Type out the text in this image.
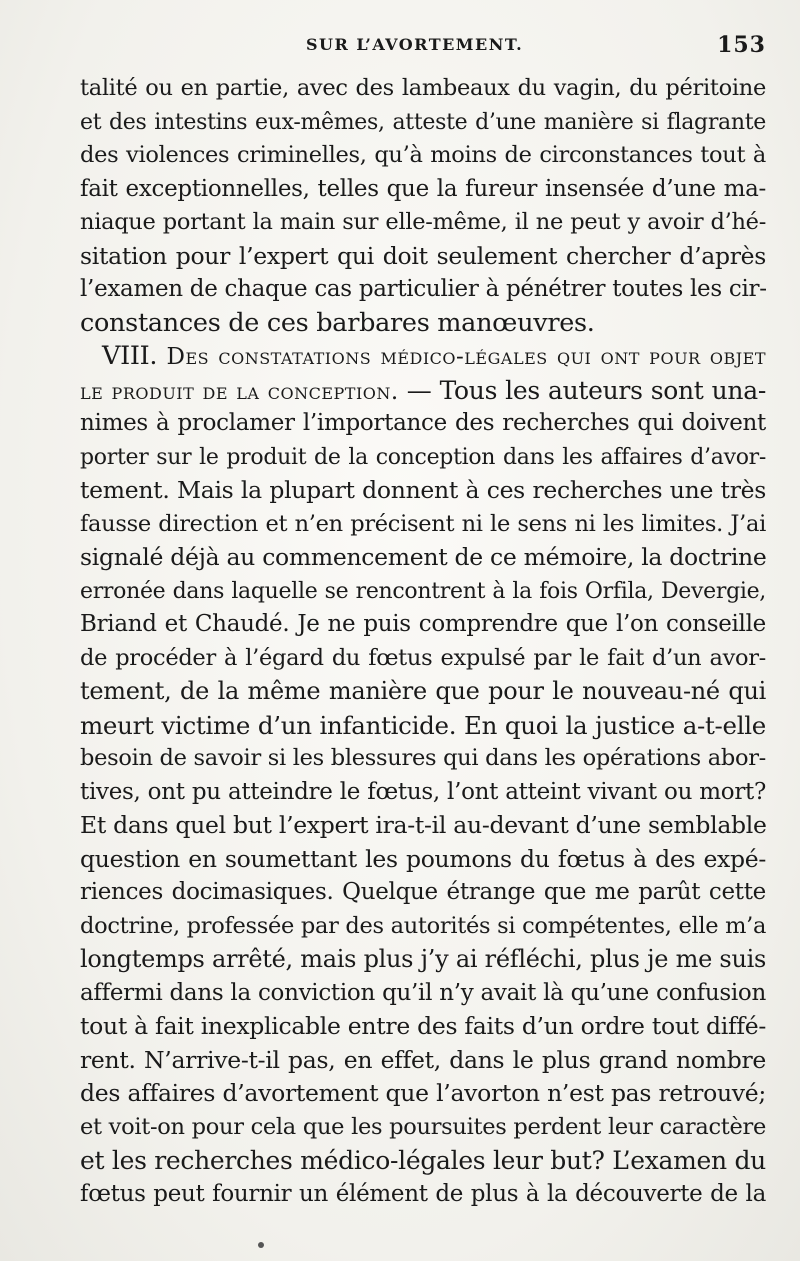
SUR L’AVORTEMENT.	153
talité ou en partie, avec des lambeaux du vagin, du péritoine
et des intestins eux-mêmes, atteste d’une manière si flagrante
des violences criminelles, qu’à moins de circonstances tout à
fait exceptionnelles, telles que la fureur insensée d’une ma-
niaque portant la main sur elle-même, il ne peut y avoir d’hé-
sitation pour l’expert qui doit seulement chercher d’après
l’examen de chaque cas particulier à pénétrer toutes les cir-
constances de ces barbares manœuvres.
VIII. Des constatations médico-légales qui ont pour objet
le produit de la conception. — Tous les auteurs sont una-
nimes à proclamer l’importance des recherches qui doivent
porter sur le produit de la conception dans les affaires d’avor-
tement. Mais la plupart donnent à ces recherches une très
fausse direction et n’en précisent ni le sens ni les limites. J’ai
signalé déjà au commencement de ce mémoire, la doctrine
erronée dans laquelle se rencontrent à la fois Orfila, Devergie,
Briand et Chaudé. Je ne puis comprendre que l’on conseille
de procéder à l’égard du fœtus expulsé par le fait d’un avor-
tement, de la même manière que pour le nouveau-né qui
meurt victime d’un infanticide. En quoi la justice a-t-elle
besoin de savoir si les blessures qui dans les opérations abor-
tives, ont pu atteindre le fœtus, l’ont atteint vivant ou mort?
Et dans quel but l’expert ira-t-il au-devant d’une semblable
question en soumettant les poumons du fœtus à des expé-
riences docimasiques. Quelque étrange que me parût cette
doctrine, professée par des autorités si compétentes, elle m’a
longtemps arrêté, mais plus j’y ai réfléchi, plus je me suis
affermi dans la conviction qu’il n’y avait là qu’une confusion
tout à fait inexplicable entre des faits d’un ordre tout diffé-
rent. N’arrive-t-il pas, en effet, dans le plus grand nombre
des affaires d’avortement que l’avorton n’est pas retrouvé;
et voit-on pour cela que les poursuites perdent leur caractère
et les recherches médico-légales leur but? L’examen du
fœtus peut fournir un élément de plus à la découverte de la
